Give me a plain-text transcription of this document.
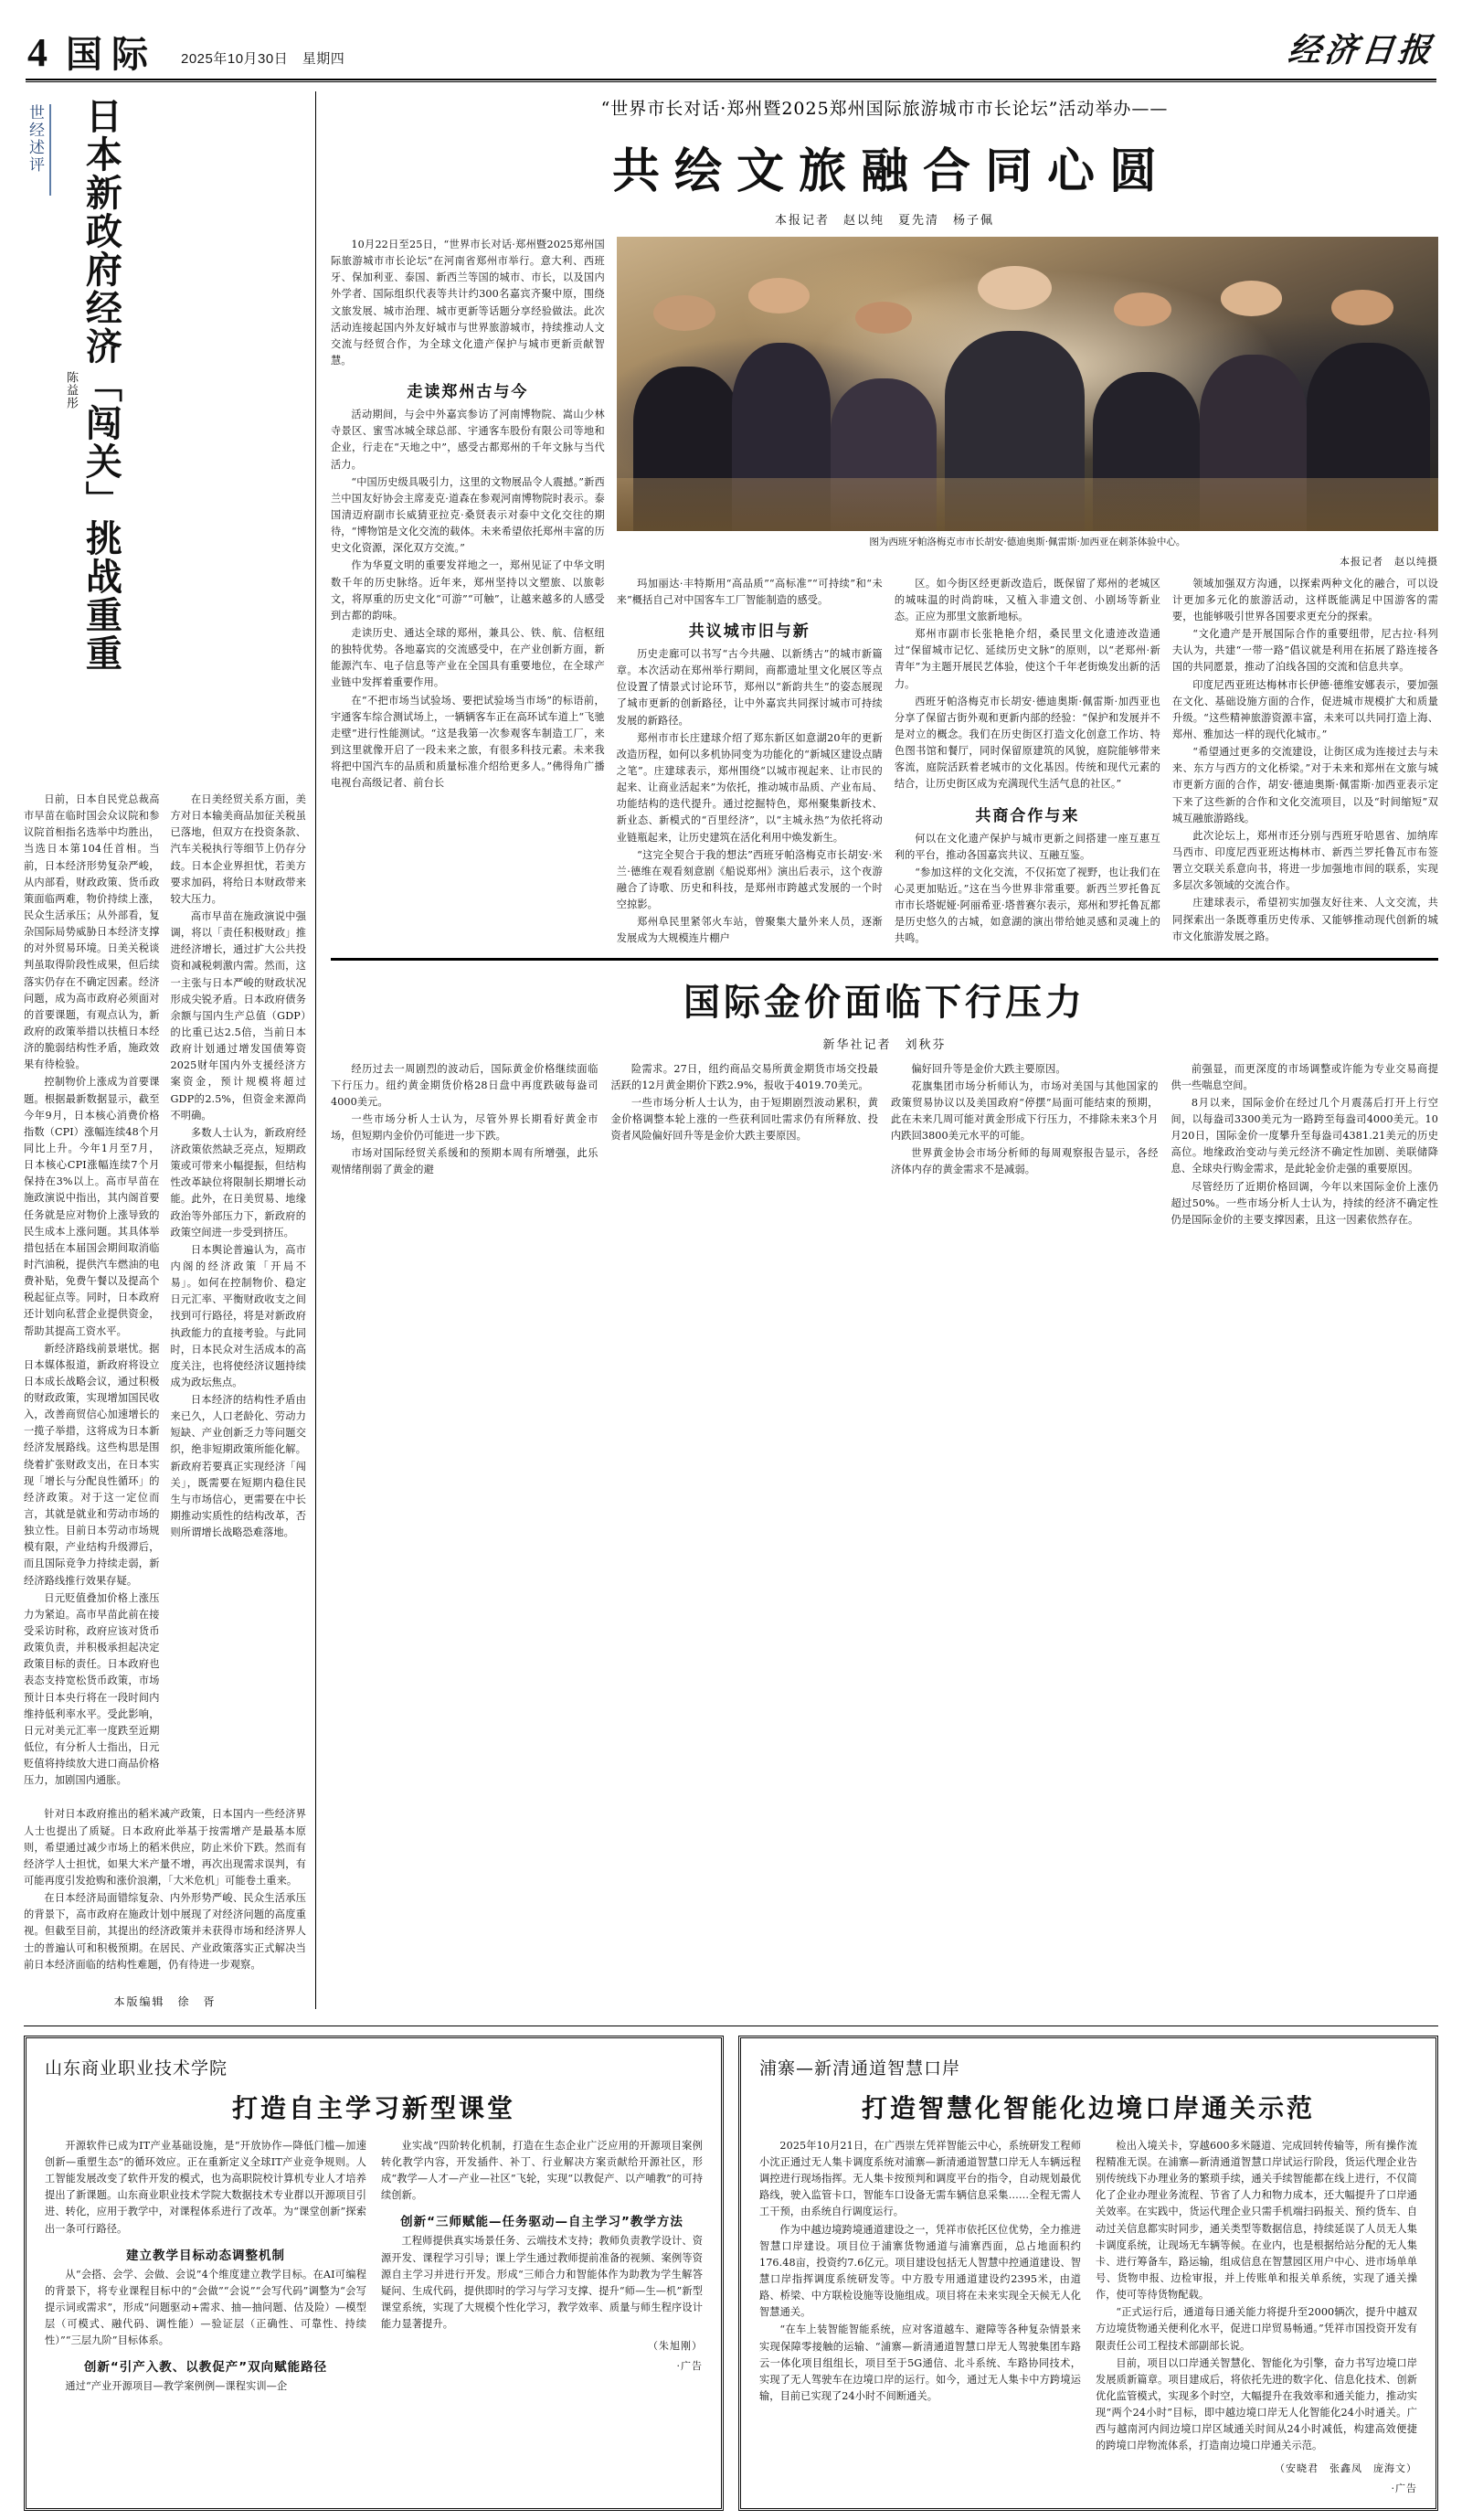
4 国际 2025年10月30日　星期四	经济日报
日本新政府经济「闯关」挑战重重
陈益彤
世经述评

日前，日本自民党总裁高市早苗在临时国会众议院和参议院首相指名选举中均胜出，当选日本第104任首相。当前，日本经济形势复杂严峻，从内部看，财政政策、货币政策面临两难，物价持续上涨，民众生活承压；从外部看，复杂国际局势威胁日本经济支撑的对外贸易环境。日美关税谈判虽取得阶段性成果，但后续落实仍存在不确定因素。经济问题，成为高市政府必须面对的首要课题，有观点认为，新政府的政策举措以扶植日本经济的脆弱结构性矛盾，施政效果有待检验。

控制物价上涨成为首要课题。根据最新数据显示，截至今年9月，日本核心消费价格指数（CPI）涨幅连续48个月同比上升。今年1月至7月，日本核心CPI涨幅连续7个月保持在3%以上。高市早苗在施政演说中指出，其内阁首要任务就是应对物价上涨导致的民生成本上涨问题。其具体举措包括在本届国会期间取消临时汽油税，提供汽车燃油的电费补贴，免费午餐以及提高个税起征点等。同时，日本政府还计划向私营企业提供资金，帮助其提高工资水平。

新经济路线前景堪忧。据日本媒体报道，新政府将设立日本成长战略会议，通过积极的财政政策，实现增加国民收入，改善商贸信心加速增长的一揽子举措，这将成为日本新经济发展路线。这些构思是围绕着扩张财政支出，在日本实现「增长与分配良性循环」的经济政策。对于这一定位而言，其就是就业和劳动市场的独立性。目前日本劳动市场规模有限，产业结构升级滞后，而且国际竞争力持续走弱，新经济路线推行效果存疑。

日元贬值叠加价格上涨压力为紧迫。高市早苗此前在接受采访时称，政府应该对货币政策负责，并积极承担起决定政策目标的责任。日本政府也表态支持宽松货币政策，市场预计日本央行将在一段时间内维持低利率水平。受此影响，日元对美元汇率一度跌至近期低位，有分析人士指出，日元贬值将持续放大进口商品价格压力，加剧国内通胀。

在日美经贸关系方面，美方对日本输美商品加征关税虽已落地，但双方在投资条款、汽车关税执行等细节上仍存分歧。日本企业界担忧，若美方要求加码，将给日本财政带来较大压力。

高市早苗在施政演说中强调，将以「责任积极财政」推进经济增长，通过扩大公共投资和减税刺激内需。然而，这一主张与日本严峻的财政状况形成尖锐矛盾。日本政府债务余额与国内生产总值（GDP）的比重已达2.5倍，当前日本政府计划通过增发国债筹资2025财年国内外支援经济方案资金，预计规模将超过GDP的2.5%，但资金来源尚不明确。

多数人士认为，新政府经济政策依然缺乏亮点，短期政策或可带来小幅提振，但结构性改革缺位将限制长期增长动能。此外，在日美贸易、地缘政治等外部压力下，新政府的政策空间进一步受到挤压。

日本舆论普遍认为，高市内阁的经济政策「开局不易」。如何在控制物价、稳定日元汇率、平衡财政收支之间找到可行路径，将是对新政府执政能力的直接考验。与此同时，日本民众对生活成本的高度关注，也将使经济议题持续成为政坛焦点。

日本经济的结构性矛盾由来已久，人口老龄化、劳动力短缺、产业创新乏力等问题交织，绝非短期政策所能化解。新政府若要真正实现经济「闯关」，既需要在短期内稳住民生与市场信心，更需要在中长期推动实质性的结构改革，否则所谓增长战略恐难落地。

针对日本政府推出的稻米减产政策，日本国内一些经济界人士也提出了质疑。日本政府此举基于按需增产是最基本原则，希望通过减少市场上的稻米供应，防止米价下跌。然而有经济学人士担忧，如果大米产量不增，再次出现需求误判，有可能再度引发抢购和涨价浪潮，「大米危机」可能卷土重来。

在日本经济局面错综复杂、内外形势严峻、民众生活承压的背景下，高市政府在施政计划中展现了对经济问题的高度重视。但截至目前，其提出的经济政策并未获得市场和经济界人士的普遍认可和积极预期。在居民、产业政策落实正式解决当前日本经济面临的结构性难题，仍有待进一步观察。

本版编辑　徐　胥
“世界市长对话·郑州暨2025郑州国际旅游城市市长论坛”活动举办——
共绘文旅融合同心圆
本报记者　赵以纯　夏先清　杨子佩

10月22日至25日，“世界市长对话·郑州暨2025郑州国际旅游城市市长论坛”在河南省郑州市举行。意大利、西班牙、保加利亚、泰国、新西兰等国的城市、市长，以及国内外学者、国际组织代表等共计约300名嘉宾齐聚中原，围绕文旅发展、城市治理、城市更新等话题分享经验做法。此次活动连接起国内外友好城市与世界旅游城市，持续推动人文交流与经贸合作，为全球文化遗产保护与城市更新贡献智慧。

走读郑州古与今

活动期间，与会中外嘉宾参访了河南博物院、嵩山少林寺景区、蜜雪冰城全球总部、宇通客车股份有限公司等地和企业，行走在“天地之中”，感受古都郑州的千年文脉与当代活力。

“中国历史级具吸引力，这里的文物展品令人震撼。”新西兰中国友好协会主席麦克·道森在参观河南博物院时表示。泰国清迈府副市长威猜亚拉克·桑贤表示对泰中文化交往的期待，“博物馆是文化交流的载体。未来希望依托郑州丰富的历史文化资源，深化双方交流。”

作为华夏文明的重要发祥地之一，郑州见证了中华文明数千年的历史脉络。近年来，郑州坚持以文塑旅、以旅彰文，将厚重的历史文化“可游”“可触”，让越来越多的人感受到古都的韵味。

走读历史、通达全球的郑州，兼具公、铁、航、信枢纽的独特优势。各地嘉宾的交流感受中，在产业创新方面，新能源汽车、电子信息等产业在全国具有重要地位，在全球产业链中发挥着重要作用。

在“不把市场当试验场、要把试验场当市场”的标语前，宇通客车综合测试场上，一辆辆客车正在高环试车道上“飞驰走壁”进行性能测试。“这是我第一次参观客车制造工厂，来到这里就像开启了一段未来之旅，有很多科技元素。未来我将把中国汽车的品质和质量标准介绍给更多人。”佛得角广播电视台高级记者、前台长

图为西班牙帕洛梅克市市长胡安·德迪奥斯·佩雷斯·加西亚在刺茶体验中心。
本报记者　赵以纯摄

玛加丽达·丰特斯用“高品质”“高标准”“可持续”和“未来”概括自己对中国客车工厂智能制造的感受。

共议城市旧与新

历史走廊可以书写“古今共融、以新绣古”的城市新篇章。本次活动在郑州举行期间，商都遗址里文化展区等点位设置了情景式讨论环节，郑州以“新韵共生”的姿态展现了城市更新的创新路径，让中外嘉宾共同探讨城市可持续发展的新路径。

郑州市市长庄建球介绍了郑东新区如意湖20年的更新改造历程，如何以多机协同变为功能化的“新城区建设点睛之笔”。庄建球表示，郑州围绕“以城市视起来、让市民的起来、让商业活起来”为依托，推动城市品质、产业布局、功能结构的迭代提升。通过挖掘特色，郑州聚集新技术、新业态、新模式的“百里经济”，以“主城永热”为依托将动业链瓶起来，让历史建筑在活化利用中焕发新生。

“这完全契合于我的想法”西班牙帕洛梅克市长胡安·米兰·德维在观看刻意剧《船说郑州》演出后表示，这个夜游融合了诗歌、历史和科技，是郑州市跨越式发展的一个时空掠影。

郑州阜民里紧邻火车站，曾聚集大量外来人员，逐渐发展成为大规模连片棚户

区。如今街区经更新改造后，既保留了郑州的老城区的城味温的时尚韵味，又植入非遗文创、小剧场等新业态。正应为那里文旅新地标。

郑州市副市长张艳艳介绍，桑民里文化遗迹改造通过“保留城市记忆、延续历史文脉”的原则，以“老郑州·新青年”为主题开展民艺体验，使这个千年老街焕发出新的活力。

西班牙帕洛梅克市长胡安·德迪奥斯·佩雷斯·加西亚也分享了保留古街外观和更新内部的经验：“保护和发展并不是对立的概念。我们在历史街区打造文化创意工作坊、特色图书馆和餐厅，同时保留原建筑的风貌，庭院能够带来客流，庭院活跃着老城市的文化基因。传统和现代元素的结合，让历史街区成为充满现代生活气息的社区。”

共商合作与来

何以在文化遗产保护与城市更新之间搭建一座互惠互利的平台，推动各国嘉宾共议、互融互鉴。

“参加这样的文化交流，不仅拓宽了视野，也让我们在心灵更加贴近。”这在当今世界非常重要。新西兰罗托鲁瓦市市长塔妮娅·阿丽希亚·塔普赛尔表示，郑州和罗托鲁瓦都是历史悠久的古城，如意湖的演出带给她灵感和灵魂上的共鸣。

领域加强双方沟通，以探索两种文化的融合，可以设计更加多元化的旅游活动，这样既能满足中国游客的需要，也能够吸引世界各国要求更充分的探索。

“文化遗产是开展国际合作的重要纽带，尼古拉·科列夫认为，共建“一带一路”倡议就是利用在拓展了路连接各国的共同愿景，推动了泊线各国的交流和信息共享。

印度尼西亚班达梅林市长伊德·德维安娜表示，要加强在文化、基础设施方面的合作，促进城市规模扩大和质量升级。“这些精神旅游资源丰富，未来可以共同打造上海、郑州、雅加达一样的现代化城市。”

“希望通过更多的交流建设，让街区成为连接过去与未来、东方与西方的文化桥梁。”对于未来和郑州在文旅与城市更新方面的合作，胡安·德迪奥斯·佩雷斯·加西亚表示定下来了这些新的合作和文化交流项目，以及“时间缩短”双城互融旅游路线。

此次论坛上，郑州市还分别与西班牙哈恩省、加纳库马西市、印度尼西亚班达梅林市、新西兰罗托鲁瓦市布签署立交联关系意向书，将进一步加强地市间的联系，实现多层次多领域的交流合作。

庄建球表示，希望初实加强友好往来、人文交流，共同探索出一条既尊重历史传承、又能够推动现代创新的城市文化旅游发展之路。

国际金价面临下行压力
新华社记者　刘秋芬

经历过去一周剧烈的波动后，国际黄金价格继续面临下行压力。纽约黄金期货价格28日盘中再度跌破每盎司4000美元。

一些市场分析人士认为，尽管外界长期看好黄金市场，但短期内金价仍可能进一步下跌。

市场对国际经贸关系缓和的预期本周有所增强，此乐观情绪削弱了黄金的避

险需求。27日，纽约商品交易所黄金期货市场交投最活跃的12月黄金期价下跌2.9%，报收于4019.70美元。

一些市场分析人士认为，由于短期剧烈波动累积，黄金价格调整本轮上涨的一些获利回吐需求仍有所释放、投资者风险偏好回升等是金价大跌主要原因。

偏好回升等是金价大跌主要原因。

花旗集团市场分析师认为，市场对美国与其他国家的政策贸易协议以及美国政府“停摆”局面可能结束的预期，此在未来几周可能对黄金形成下行压力，不排除未来3个月内跌回3800美元水平的可能。

世界黄金协会市场分析师的每周观察报告显示，各经济体内存的黄金需求不是减弱。

前强显，而更深度的市场调整或许能为专业交易商提供一些喘息空间。

8月以来，国际金价在经过几个月震荡后打开上行空间，以每盎司3300美元为一路跨至每盎司4000美元。10月20日，国际金价一度攀升至每盎司4381.21美元的历史高位。地缘政治变动与美元经济不确定性加剧、美联储降息、全球央行购金需求，是此轮金价走强的重要原因。

尽管经历了近期价格回调，今年以来国际金价上涨仍超过50%。一些市场分析人士认为，持续的经济不确定性仍是国际金价的主要支撑因素，且这一因素依然存在。

山东商业职业技术学院
打造自主学习新型课堂

开源软件已成为IT产业基础设施，是“开放协作—降低门槛—加速创新—重塑生态”的循环效应。正在重新定义全球IT产业竞争规则。人工智能发展改变了软件开发的模式，也为高职院校计算机专业人才培养提出了新课题。山东商业职业技术学院大数据技术专业群以开源项目引进、转化，应用于教学中，对课程体系进行了改革。为“课堂创新”探索出一条可行路径。

建立教学目标动态调整机制

从“会搭、会学、会做、会说”4个维度建立教学目标。在AI可编程的背景下，将专业课程目标中的“会做”“会说”“会写代码”调整为“会写提示词或需求”，形成“问题驱动+需求、抽—抽问题、估及险）—模型层（可模式、融代码、调性能）—验证层（正确性、可靠性、持续性）”“三层九阶”目标体系。

创新“引产入教、以教促产”双向赋能路径

通过“产业开源项目—教学案例例—课程实训—企

业实战”四阶转化机制，打造在生态企业广泛应用的开源项目案例转化教学内容，开发插件、补丁、行业解决方案贡献给开源社区，形成“教学—人才—产业—社区”飞轮，实现“以教促产、以产哺教”的可持续创新。

创新“三师赋能—任务驱动—自主学习”教学方法

工程师提供真实场景任务、云端技术支持；教师负责教学设计、资源开发、课程学习引导；课上学生通过教师提前准备的视频、案例等资源自主学习并进行开发。形成“三师合力和智能体作为助教为学生解答疑问、生成代码，提供即时的学习与学习支撑、提升“师—生—机”新型课堂系统，实现了大规模个性化学习，教学效率、质量与师生程序设计能力显著提升。

（朱旭刚）
·广告
浦寨—新清通道智慧口岸
打造智慧化智能化边境口岸通关示范

2025年10月21日，在广西崇左凭祥智能云中心，系统研发工程师小沈正通过无人集卡调度系统对浦寨—新清通道智慧口岸无人车辆远程调控进行现场指挥。无人集卡按预判和调度平台的指令，自动规划最优路线，驶入监管卡口，智能车口设备无需车辆信息采集……全程无需人工干预，由系统自行调度运行。

作为中越边境跨境通道建设之一，凭祥市依托区位优势，全力推进智慧口岸建设。项目位于浦寨货物通道与浦寨西面，总占地面积约176.48亩，投资约7.6亿元。项目建设包括无人智慧中控通道建设、智慧口岸指挥调度系统研发等。中方股专用通道建设约2395米，由道路、桥梁、中方联检设施等设施组成。项目将在未来实现全天候无人化智慧通关。

“在车上装智能智能系统，应对客道越车、避障等各种复杂情景来实现保障零接触的运输、“浦寨—新清通道智慧口岸无人驾驶集团车路云一体化项目组组长，项目至于5G通信、北斗系统、车路协同技术，实现了无人驾驶车在边境口岸的运行。如今，通过无人集卡中方跨境运输，目前已实现了24小时不间断通关。

检出入境关卡，穿越600多米隧道、完成回转传输等，所有操作流程精准无误。在浦寨—新清通道智慧口岸试运行阶段，货运代理企业告别传统线下办理业务的繁琐手续，通关手续智能都在线上进行，不仅简化了企业办理业务流程、节省了人力和物力成本，还大幅提升了口岸通关效率。在实践中，货运代理企业只需手机端扫码报关、预约货车、自动过关信息都实时同步，通关类型等数据信息，持续延误了人员无人集卡调度系统，让现场无车辆等候。在业内，也是根据给站分配的无人集卡、进行筹备车，路运输，组成信息在智慧园区用户中心、进市场单单号、货物申报、边检审报，并上传账单和报关单系统，实现了通关操作，使可等待货物配载。

“正式运行后，通道每日通关能力将提升至2000辆次，提升中越双方边境货物通关便利化水平，促进口岸贸易畅通。”凭祥市国投资开发有限责任公司工程技术部副部长说。

目前，项目以口岸通关智慧化、智能化为引擎，奋力书写边境口岸发展质新篇章。项目建成后，将依托先进的数字化、信息化技术、创新优化监管模式，实现多个时空，大幅提升在我效率和通关能力，推动实现“两个24小时”目标，即中越边境口岸无人化智能化24小时通关。广西与越南河内间边境口岸区域通关时间从24小时减低，构建高效便捷的跨境口岸物流体系，打造南边境口岸通关示范。

（安晓君　张鑫凤　庞海文）
·广告
